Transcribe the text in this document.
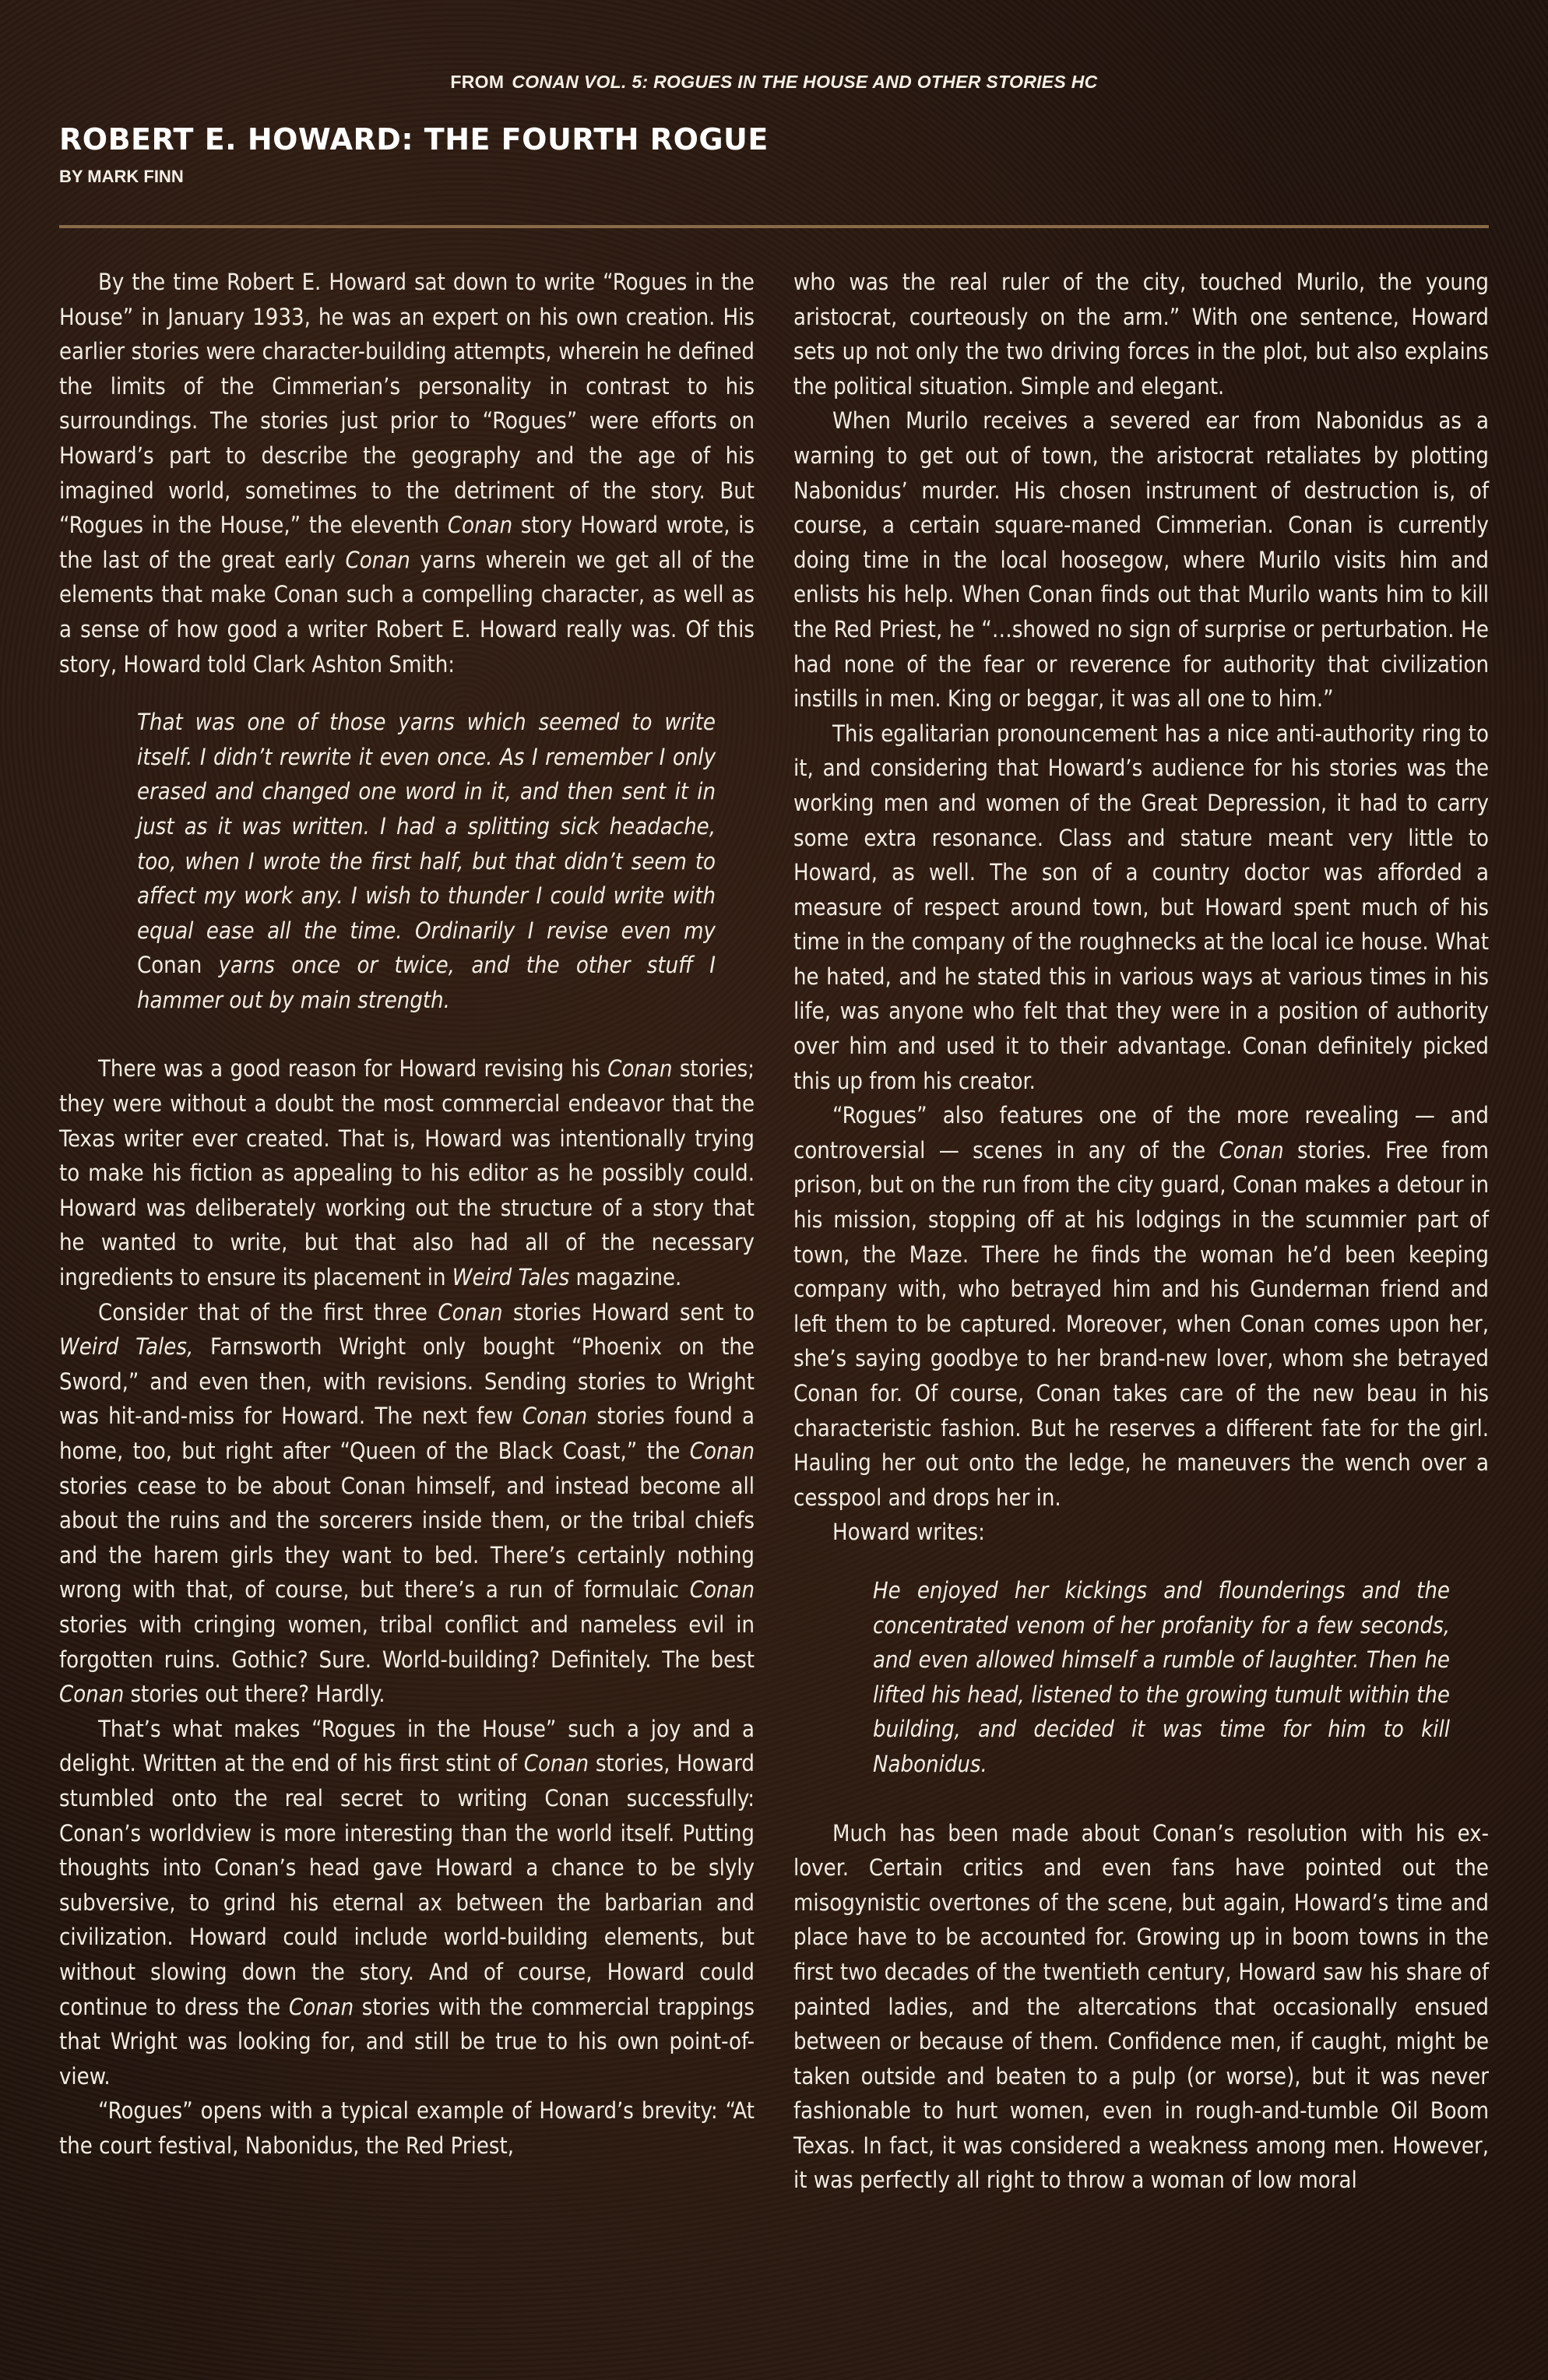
FROM CONAN VOL. 5: ROGUES IN THE HOUSE AND OTHER STORIES HC
ROBERT E. HOWARD: THE FOURTH ROGUE
BY MARK FINN

By the time Robert E. Howard sat down to write “Rogues in the House” in January 1933, he was an expert on his own creation. His earlier stories were character-building attempts, wherein he defined the limits of the Cimmerian’s personality in contrast to his surroundings. The stories just prior to “Rogues” were efforts on Howard’s part to describe the geography and the age of his imagined world, sometimes to the detriment of the story. But “Rogues in the House,” the eleventh Conan story Howard wrote, is the last of the great early Conan yarns wherein we get all of the elements that make Conan such a compelling character, as well as a sense of how good a writer Robert E. Howard really was. Of this story, Howard told Clark Ashton Smith:

That was one of those yarns which seemed to write itself. I didn’t rewrite it even once. As I remember I only erased and changed one word in it, and then sent it in just as it was written. I had a splitting sick headache, too, when I wrote the first half, but that didn’t seem to affect my work any. I wish to thunder I could write with equal ease all the time. Ordinarily I revise even my Conan yarns once or twice, and the other stuff I hammer out by main strength.

There was a good reason for Howard revising his Conan stories; they were without a doubt the most commercial endeavor that the Texas writer ever created. That is, Howard was intentionally trying to make his fiction as appealing to his editor as he possibly could. Howard was deliberately working out the structure of a story that he wanted to write, but that also had all of the necessary ingredients to ensure its placement in Weird Tales magazine.

Consider that of the first three Conan stories Howard sent to Weird Tales, Farnsworth Wright only bought “Phoenix on the Sword,” and even then, with revisions. Sending stories to Wright was hit-and-miss for Howard. The next few Conan stories found a home, too, but right after “Queen of the Black Coast,” the Conan stories cease to be about Conan himself, and instead become all about the ruins and the sorcerers inside them, or the tribal chiefs and the harem girls they want to bed. There’s certainly nothing wrong with that, of course, but there’s a run of formulaic Conan stories with cringing women, tribal conflict and nameless evil in forgotten ruins. Gothic? Sure. World-building? Definitely. The best Conan stories out there? Hardly.

That’s what makes “Rogues in the House” such a joy and a delight. Written at the end of his first stint of Conan stories, Howard stumbled onto the real secret to writing Conan successfully: Conan’s worldview is more interesting than the world itself. Putting thoughts into Conan’s head gave Howard a chance to be slyly subversive, to grind his eternal ax between the barbarian and civilization. Howard could include world-building elements, but without slowing down the story. And of course, Howard could continue to dress the Conan stories with the commercial trappings that Wright was looking for, and still be true to his own point-of-view.

“Rogues” opens with a typical example of Howard’s brevity: “At the court festival, Nabonidus, the Red Priest,

who was the real ruler of the city, touched Murilo, the young aristocrat, courteously on the arm.” With one sentence, Howard sets up not only the two driving forces in the plot, but also explains the political situation. Simple and elegant.

When Murilo receives a severed ear from Nabonidus as a warning to get out of town, the aristocrat retaliates by plotting Nabonidus’ murder. His chosen instrument of destruction is, of course, a certain square-maned Cimmerian. Conan is currently doing time in the local hoosegow, where Murilo visits him and enlists his help. When Conan finds out that Murilo wants him to kill the Red Priest, he “…showed no sign of surprise or perturbation. He had none of the fear or reverence for authority that civilization instills in men. King or beggar, it was all one to him.”

This egalitarian pronouncement has a nice anti-authority ring to it, and considering that Howard’s audience for his stories was the working men and women of the Great Depression, it had to carry some extra resonance. Class and stature meant very little to Howard, as well. The son of a country doctor was afforded a measure of respect around town, but Howard spent much of his time in the company of the roughnecks at the local ice house. What he hated, and he stated this in various ways at various times in his life, was anyone who felt that they were in a position of authority over him and used it to their advantage. Conan definitely picked this up from his creator.

“Rogues” also features one of the more revealing — and controversial — scenes in any of the Conan stories. Free from prison, but on the run from the city guard, Conan makes a detour in his mission, stopping off at his lodgings in the scummier part of town, the Maze. There he finds the woman he’d been keeping company with, who betrayed him and his Gunderman friend and left them to be captured. Moreover, when Conan comes upon her, she’s saying goodbye to her brand-new lover, whom she betrayed Conan for. Of course, Conan takes care of the new beau in his characteristic fashion. But he reserves a different fate for the girl. Hauling her out onto the ledge, he maneuvers the wench over a cesspool and drops her in.

Howard writes:

He enjoyed her kickings and flounderings and the concentrated venom of her profanity for a few seconds, and even allowed himself a rumble of laughter. Then he lifted his head, listened to the growing tumult within the building, and decided it was time for him to kill Nabonidus.

Much has been made about Conan’s resolution with his ex-lover. Certain critics and even fans have pointed out the misogynistic overtones of the scene, but again, Howard’s time and place have to be accounted for. Growing up in boom towns in the first two decades of the twentieth century, Howard saw his share of painted ladies, and the altercations that occasionally ensued between or because of them. Confidence men, if caught, might be taken outside and beaten to a pulp (or worse), but it was never fashionable to hurt women, even in rough-and-tumble Oil Boom Texas. In fact, it was considered a weakness among men. However, it was perfectly all right to throw a woman of low moral
